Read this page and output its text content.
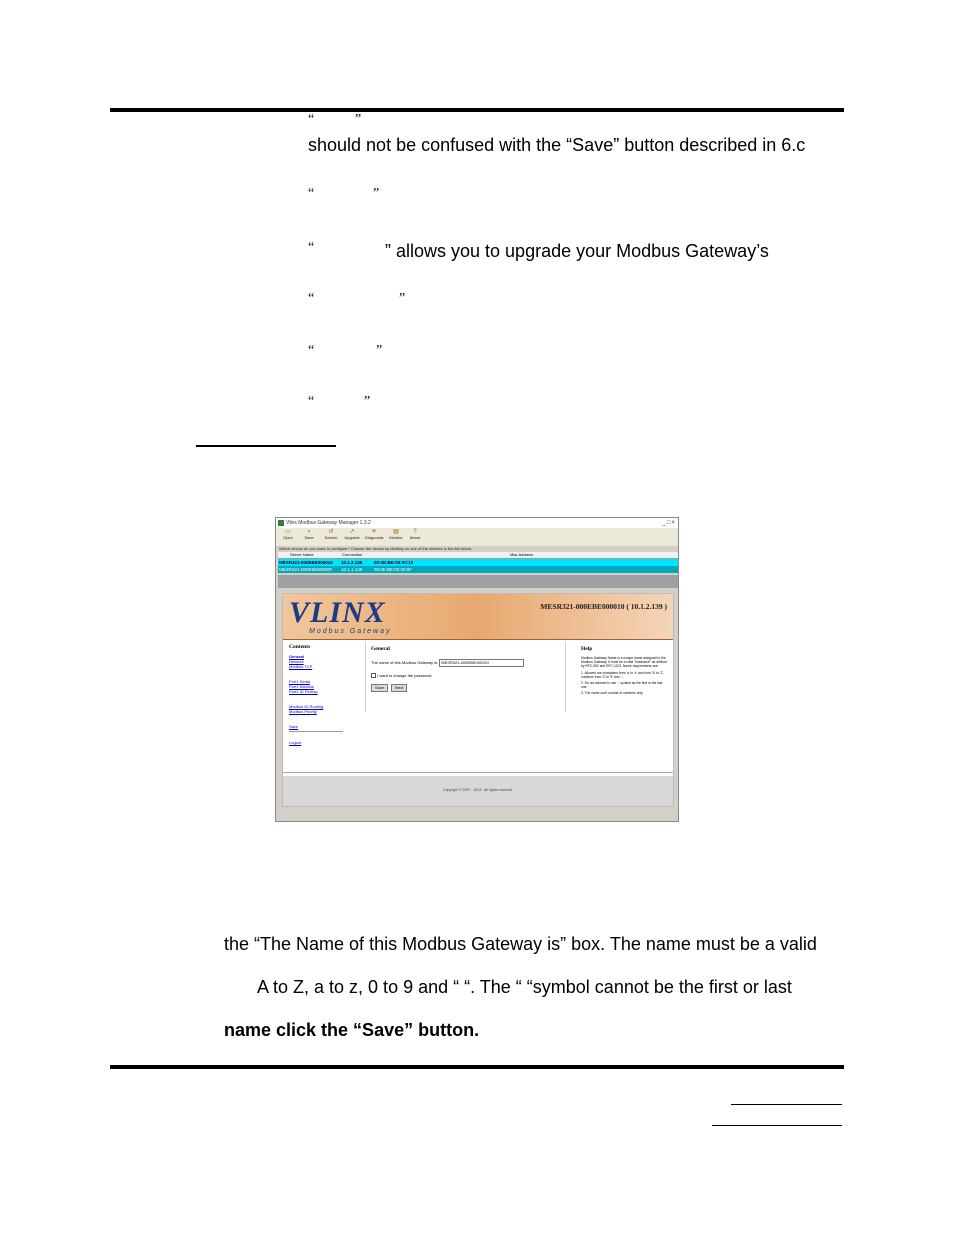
“	”
should not be confused with the “Save” button described in 6.c
“	”
“	” allows you to upgrade your Modbus Gateway’s
“	”
“	”
“	”
Vlinx Modbus Gateway Manager 1.3.2	_□×
▭
Open
▪
Save
↺
Search
↗
Upgrade
✳
Diagnostic
▤
Monitor
?
About
Which device do you want to configure? Choose the device by clicking on one of the devices in the list below.
Server Name	Connection	Mac Address
MESR321-000EBE000010 10.1.2.139	00:0E:BE:00:00:10
MESR321-000E9E00000F 10.1.1.138	00:0E:BE:00:00:0F
VLINX
Modbus Gateway
MESR321-000EBE000010 ( 10.1.2.139 )
Contents
General
Network
Modbus TCP
Port1 Serial
Port1 Modbus
Port1 ID Remap
Modbus ID Routing
Modbus Priority
Save
Logout
General
The name of this Modbus Gateway is: MESR321-000EBE000010
I want to change the password.
Save	Next
Help
Modbus Gateway Name is a unique name assigned to the Modbus Gateway. It must be a valid "hostname" as defined by RFC-952 and RFC-1123. Name requirements are:
1. Allowed are characters from 'a' to 'z' and from 'A' to 'Z', numbers from '0' to '9' and '-'.
2. It's not allowed to use '-' symbol as the first or the last one.
3. The name can't consist of numbers only.
Copyright © 2007 - 2013 . All rights reserved.
the “The Name of this Modbus Gateway is” box. The name must be a valid
A to Z, a to z, 0 to 9 and “ “. The “ “symbol cannot be the first or last
name click the “Save” button.
